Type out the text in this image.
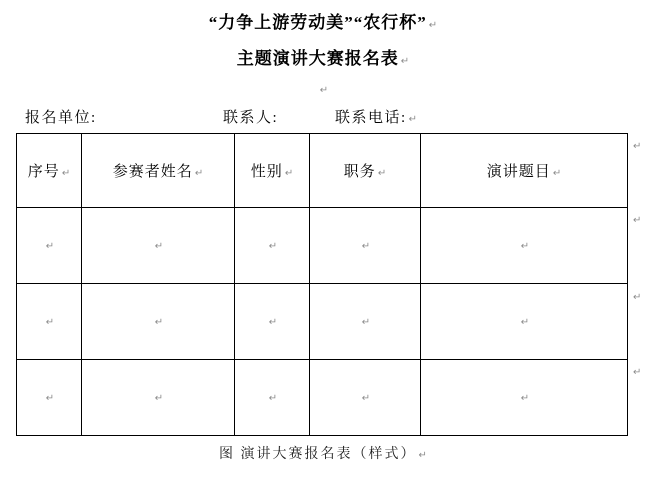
“力争上游劳动美”“农行杯” ↵
主题演讲大赛报名表 ↵
↵
报名单位:	联系人:	联系电话: ↵
序号 ↵	参赛者姓名 ↵	性别 ↵	职务 ↵	演讲题目 ↵
↵	↵	↵	↵	↵
↵	↵	↵	↵	↵
↵	↵	↵	↵	↵
↵
↵
↵
↵
图 演讲大赛报名表（样式） ↵
